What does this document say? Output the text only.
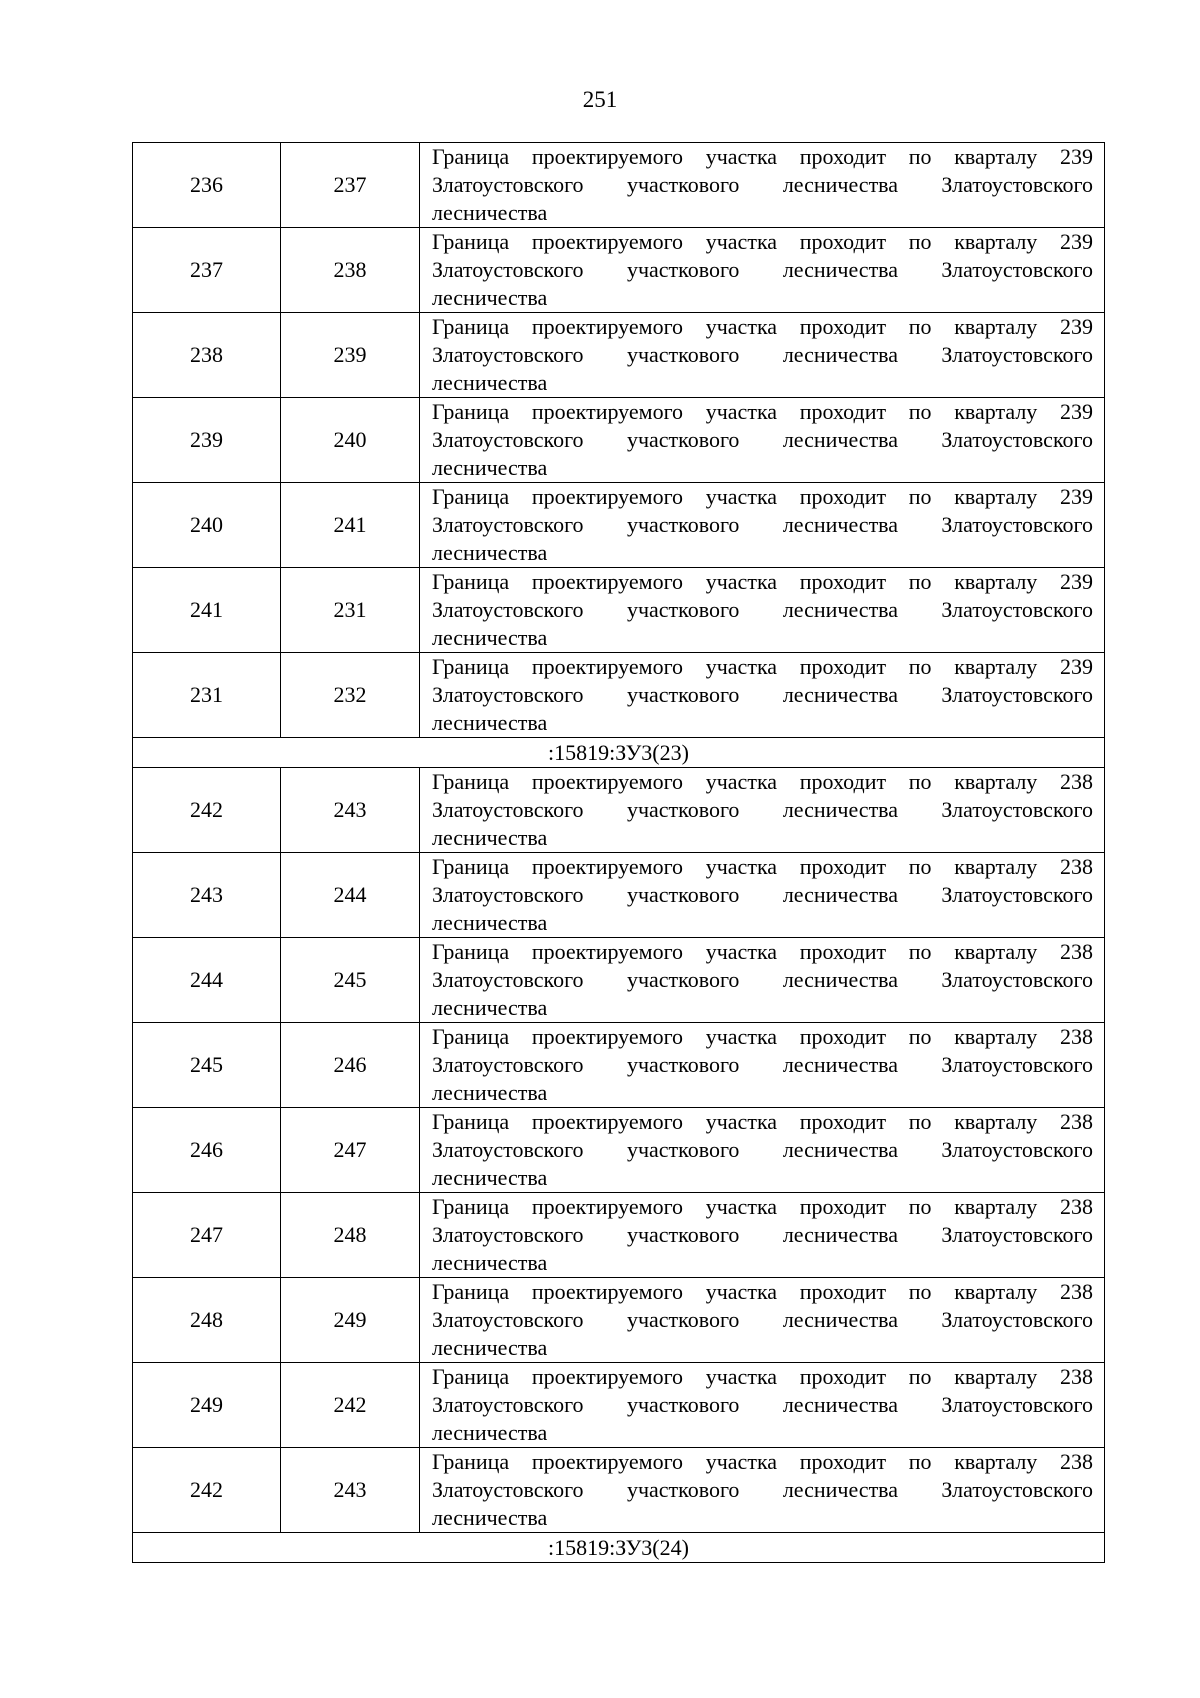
251
236	237	Граница проектируемого участка проходит по кварталу 239 Златоустовского участкового лесничества Златоустовского лесничества
237	238	Граница проектируемого участка проходит по кварталу 239 Златоустовского участкового лесничества Златоустовского лесничества
238	239	Граница проектируемого участка проходит по кварталу 239 Златоустовского участкового лесничества Златоустовского лесничества
239	240	Граница проектируемого участка проходит по кварталу 239 Златоустовского участкового лесничества Златоустовского лесничества
240	241	Граница проектируемого участка проходит по кварталу 239 Златоустовского участкового лесничества Златоустовского лесничества
241	231	Граница проектируемого участка проходит по кварталу 239 Златоустовского участкового лесничества Златоустовского лесничества
231	232	Граница проектируемого участка проходит по кварталу 239 Златоустовского участкового лесничества Златоустовского лесничества
:15819:ЗУ3(23)		
242	243	Граница проектируемого участка проходит по кварталу 238 Златоустовского участкового лесничества Златоустовского лесничества
243	244	Граница проектируемого участка проходит по кварталу 238 Златоустовского участкового лесничества Златоустовского лесничества
244	245	Граница проектируемого участка проходит по кварталу 238 Златоустовского участкового лесничества Златоустовского лесничества
245	246	Граница проектируемого участка проходит по кварталу 238 Златоустовского участкового лесничества Златоустовского лесничества
246	247	Граница проектируемого участка проходит по кварталу 238 Златоустовского участкового лесничества Златоустовского лесничества
247	248	Граница проектируемого участка проходит по кварталу 238 Златоустовского участкового лесничества Златоустовского лесничества
248	249	Граница проектируемого участка проходит по кварталу 238 Златоустовского участкового лесничества Златоустовского лесничества
249	242	Граница проектируемого участка проходит по кварталу 238 Златоустовского участкового лесничества Златоустовского лесничества
242	243	Граница проектируемого участка проходит по кварталу 238 Златоустовского участкового лесничества Златоустовского лесничества
:15819:ЗУ3(24)		
